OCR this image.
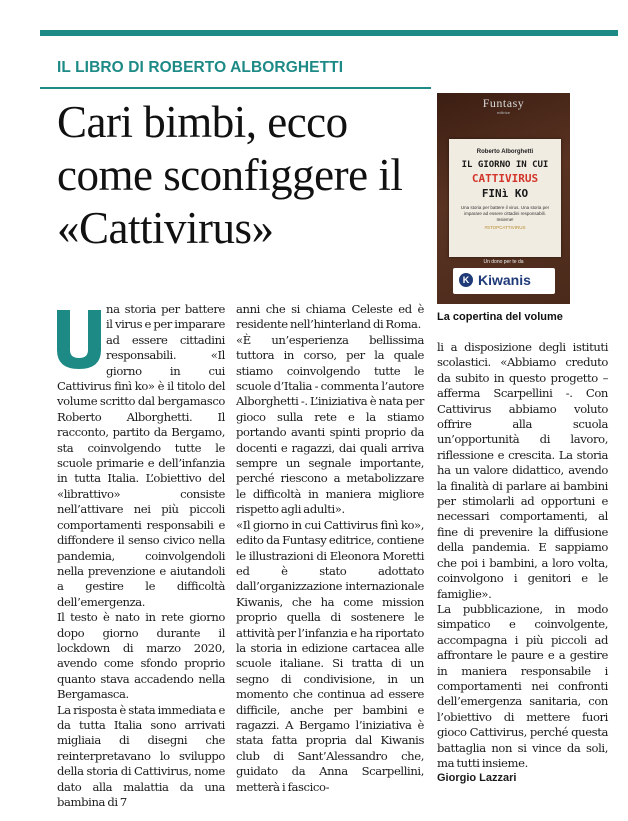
IL LIBRO DI ROBERTO ALBORGHETTI
Cari bimbi, ecco come sconfiggere il «Cattivirus»
Funtasy
editrice
Roberto Alborghetti
IL GIORNO IN CUI
CATTIVIRUS
FINì KO
Una storia per battere il virus. Una storia per imparare ad essere cittadini responsabili. Insieme!
#STOPCATTIVIRUS
Un dono per te da
K Kiwanis
La copertina del volume

na storia per battere il virus e per imparare ad essere cittadini responsabili. «Il giorno in cui Cattivirus finì ko» è il titolo del volume scritto dal bergamasco Roberto Alborghetti. Il racconto, partito da Bergamo, sta coinvolgendo tutte le scuole primarie e dell’infanzia in tutta Italia. L’obiettivo del «librattivo» consiste nell’attivare nei più piccoli comportamenti responsabili e diffondere il senso civico nella pandemia, coinvolgendoli nella prevenzione e aiutandoli a gestire le difficoltà dell’emergenza.

Il testo è nato in rete giorno dopo giorno durante il lockdown di marzo 2020, avendo come sfondo proprio quanto stava accadendo nella Bergamasca.

La risposta è stata immediata e da tutta Italia sono arrivati migliaia di disegni che reinterpretavano lo sviluppo della storia di Cattivirus, nome dato alla malattia da una bambina di 7

anni che si chiama Celeste ed è residente nell’hinterland di Roma.

«È un’esperienza bellissima tuttora in corso, per la quale stiamo coinvolgendo tutte le scuole d’Italia - commenta l’autore Alborghetti -. L’iniziativa è nata per gioco sulla rete e la stiamo portando avanti spinti proprio da docenti e ragazzi, dai quali arriva sempre un segnale importante, perché riescono a metabolizzare le difficoltà in maniera migliore rispetto agli adulti».

«Il giorno in cui Cattivirus finì ko», edito da Funtasy editrice, contiene le illustrazioni di Eleonora Moretti ed è stato adottato dall’organizzazione internazionale Kiwanis, che ha come mission proprio quella di sostenere le attività per l’infanzia e ha riportato la storia in edizione cartacea alle scuole italiane. Si tratta di un segno di condivisione, in un momento che continua ad essere difficile, anche per bambini e ragazzi. A Bergamo l’iniziativa è stata fatta propria dal Kiwanis club di Sant’Alessandro che, guidato da Anna Scarpellini, metterà i fascico-

li a disposizione degli istituti scolastici. «Abbiamo creduto da subito in questo progetto – afferma Scarpellini -. Con Cattivirus abbiamo voluto offrire alla scuola un’opportunità di lavoro, riflessione e crescita. La storia ha un valore didattico, avendo la finalità di parlare ai bambini per stimolarli ad opportuni e necessari comportamenti, al fine di prevenire la diffusione della pandemia. E sappiamo che poi i bambini, a loro volta, coinvolgono i genitori e le famiglie».

La pubblicazione, in modo simpatico e coinvolgente, accompagna i più piccoli ad affrontare le paure e a gestire in maniera responsabile i comportamenti nei confronti dell’emergenza sanitaria, con l’obiettivo di mettere fuori gioco Cattivirus, perché questa battaglia non si vince da soli, ma tutti insieme.

Giorgio Lazzari
